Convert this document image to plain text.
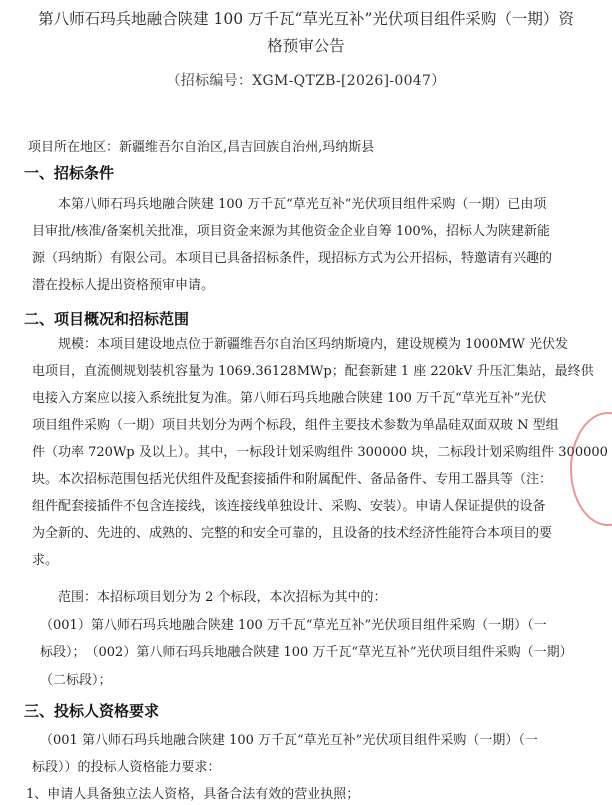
第八师石玛兵地融合陕建 100 万千瓦“草光互补”光伏项目组件采购（一期）资
格预审公告
（招标编号：XGM-QTZB-[2026]-0047）
项目所在地区：新疆维吾尔自治区,昌吉回族自治州,玛纳斯县
一、招标条件
本第八师石玛兵地融合陕建 100 万千瓦“草光互补”光伏项目组件采购（一期）已由项
目审批/核准/备案机关批准，项目资金来源为其他资金企业自筹 100%，招标人为陕建新能
源（玛纳斯）有限公司。本项目已具备招标条件，现招标方式为公开招标，特邀请有兴趣的
潜在投标人提出资格预审申请。
二、项目概况和招标范围
规模：本项目建设地点位于新疆维吾尔自治区玛纳斯境内，建设规模为 1000MW 光伏发
电项目，直流侧规划装机容量为 1069.36128MWp；配套新建 1 座 220kV 升压汇集站，最终供
电接入方案应以接入系统批复为准。第八师石玛兵地融合陕建 100 万千瓦“草光互补”光伏
项目组件采购（一期）项目共划分为两个标段，组件主要技术参数为单晶硅双面双玻 N 型组
件（功率 720Wp 及以上）。其中，一标段计划采购组件 300000 块，二标段计划采购组件 300000
块。本次招标范围包括光伏组件及配套接插件和附属配件、备品备件、专用工器具等（注：
组件配套接插件不包含连接线，该连接线单独设计、采购、安装）。申请人保证提供的设备
为全新的、先进的、成熟的、完整的和安全可靠的，且设备的技术经济性能符合本项目的要
求。
范围：本招标项目划分为 2 个标段，本次招标为其中的：
（001）第八师石玛兵地融合陕建 100 万千瓦“草光互补”光伏项目组件采购（一期）（一
标段）；　（002）第八师石玛兵地融合陕建 100 万千瓦“草光互补”光伏项目组件采购（一期）
（二标段）；
三、投标人资格要求
（001 第八师石玛兵地融合陕建 100 万千瓦“草光互补”光伏项目组件采购（一期）（一
标段））的投标人资格能力要求：
1、申请人具备独立法人资格，具备合法有效的营业执照；
